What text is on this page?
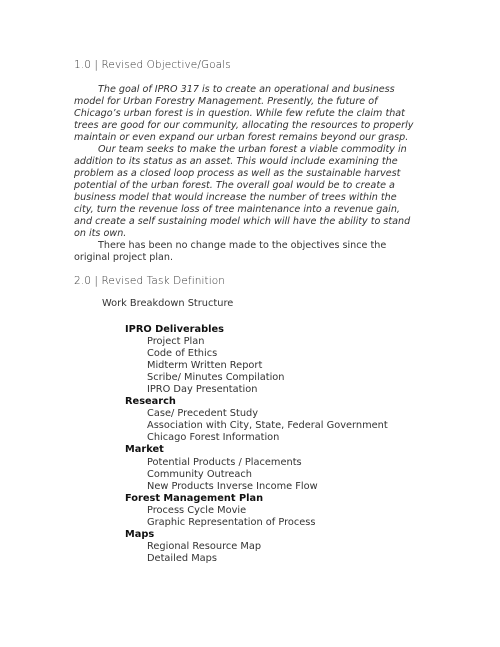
1.0 | Revised Objective/Goals

The goal of IPRO 317 is to create an operational and business model for Urban Forestry Management. Presently, the future of Chicago’s urban forest is in question. While few refute the claim that trees are good for our community, allocating the resources to properly maintain or even expand our urban forest remains beyond our grasp.

Our team seeks to make the urban forest a viable commodity in addition to its status as an asset. This would include examining the problem as a closed loop process as well as the sustainable harvest potential of the urban forest. The overall goal would be to create a business model that would increase the number of trees within the city, turn the revenue loss of tree maintenance into a revenue gain, and create a self sustaining model which will have the ability to stand on its own.

There has been no change made to the objectives since the original project plan.

2.0 | Revised Task Definition
Work Breakdown Structure
IPRO Deliverables
Project Plan
Code of Ethics
Midterm Written Report
Scribe/ Minutes Compilation
IPRO Day Presentation
Research
Case/ Precedent Study
Association with City, State, Federal Government
Chicago Forest Information
Market
Potential Products / Placements
Community Outreach
New Products Inverse Income Flow
Forest Management Plan
Process Cycle Movie
Graphic Representation of Process
Maps
Regional Resource Map
Detailed Maps
